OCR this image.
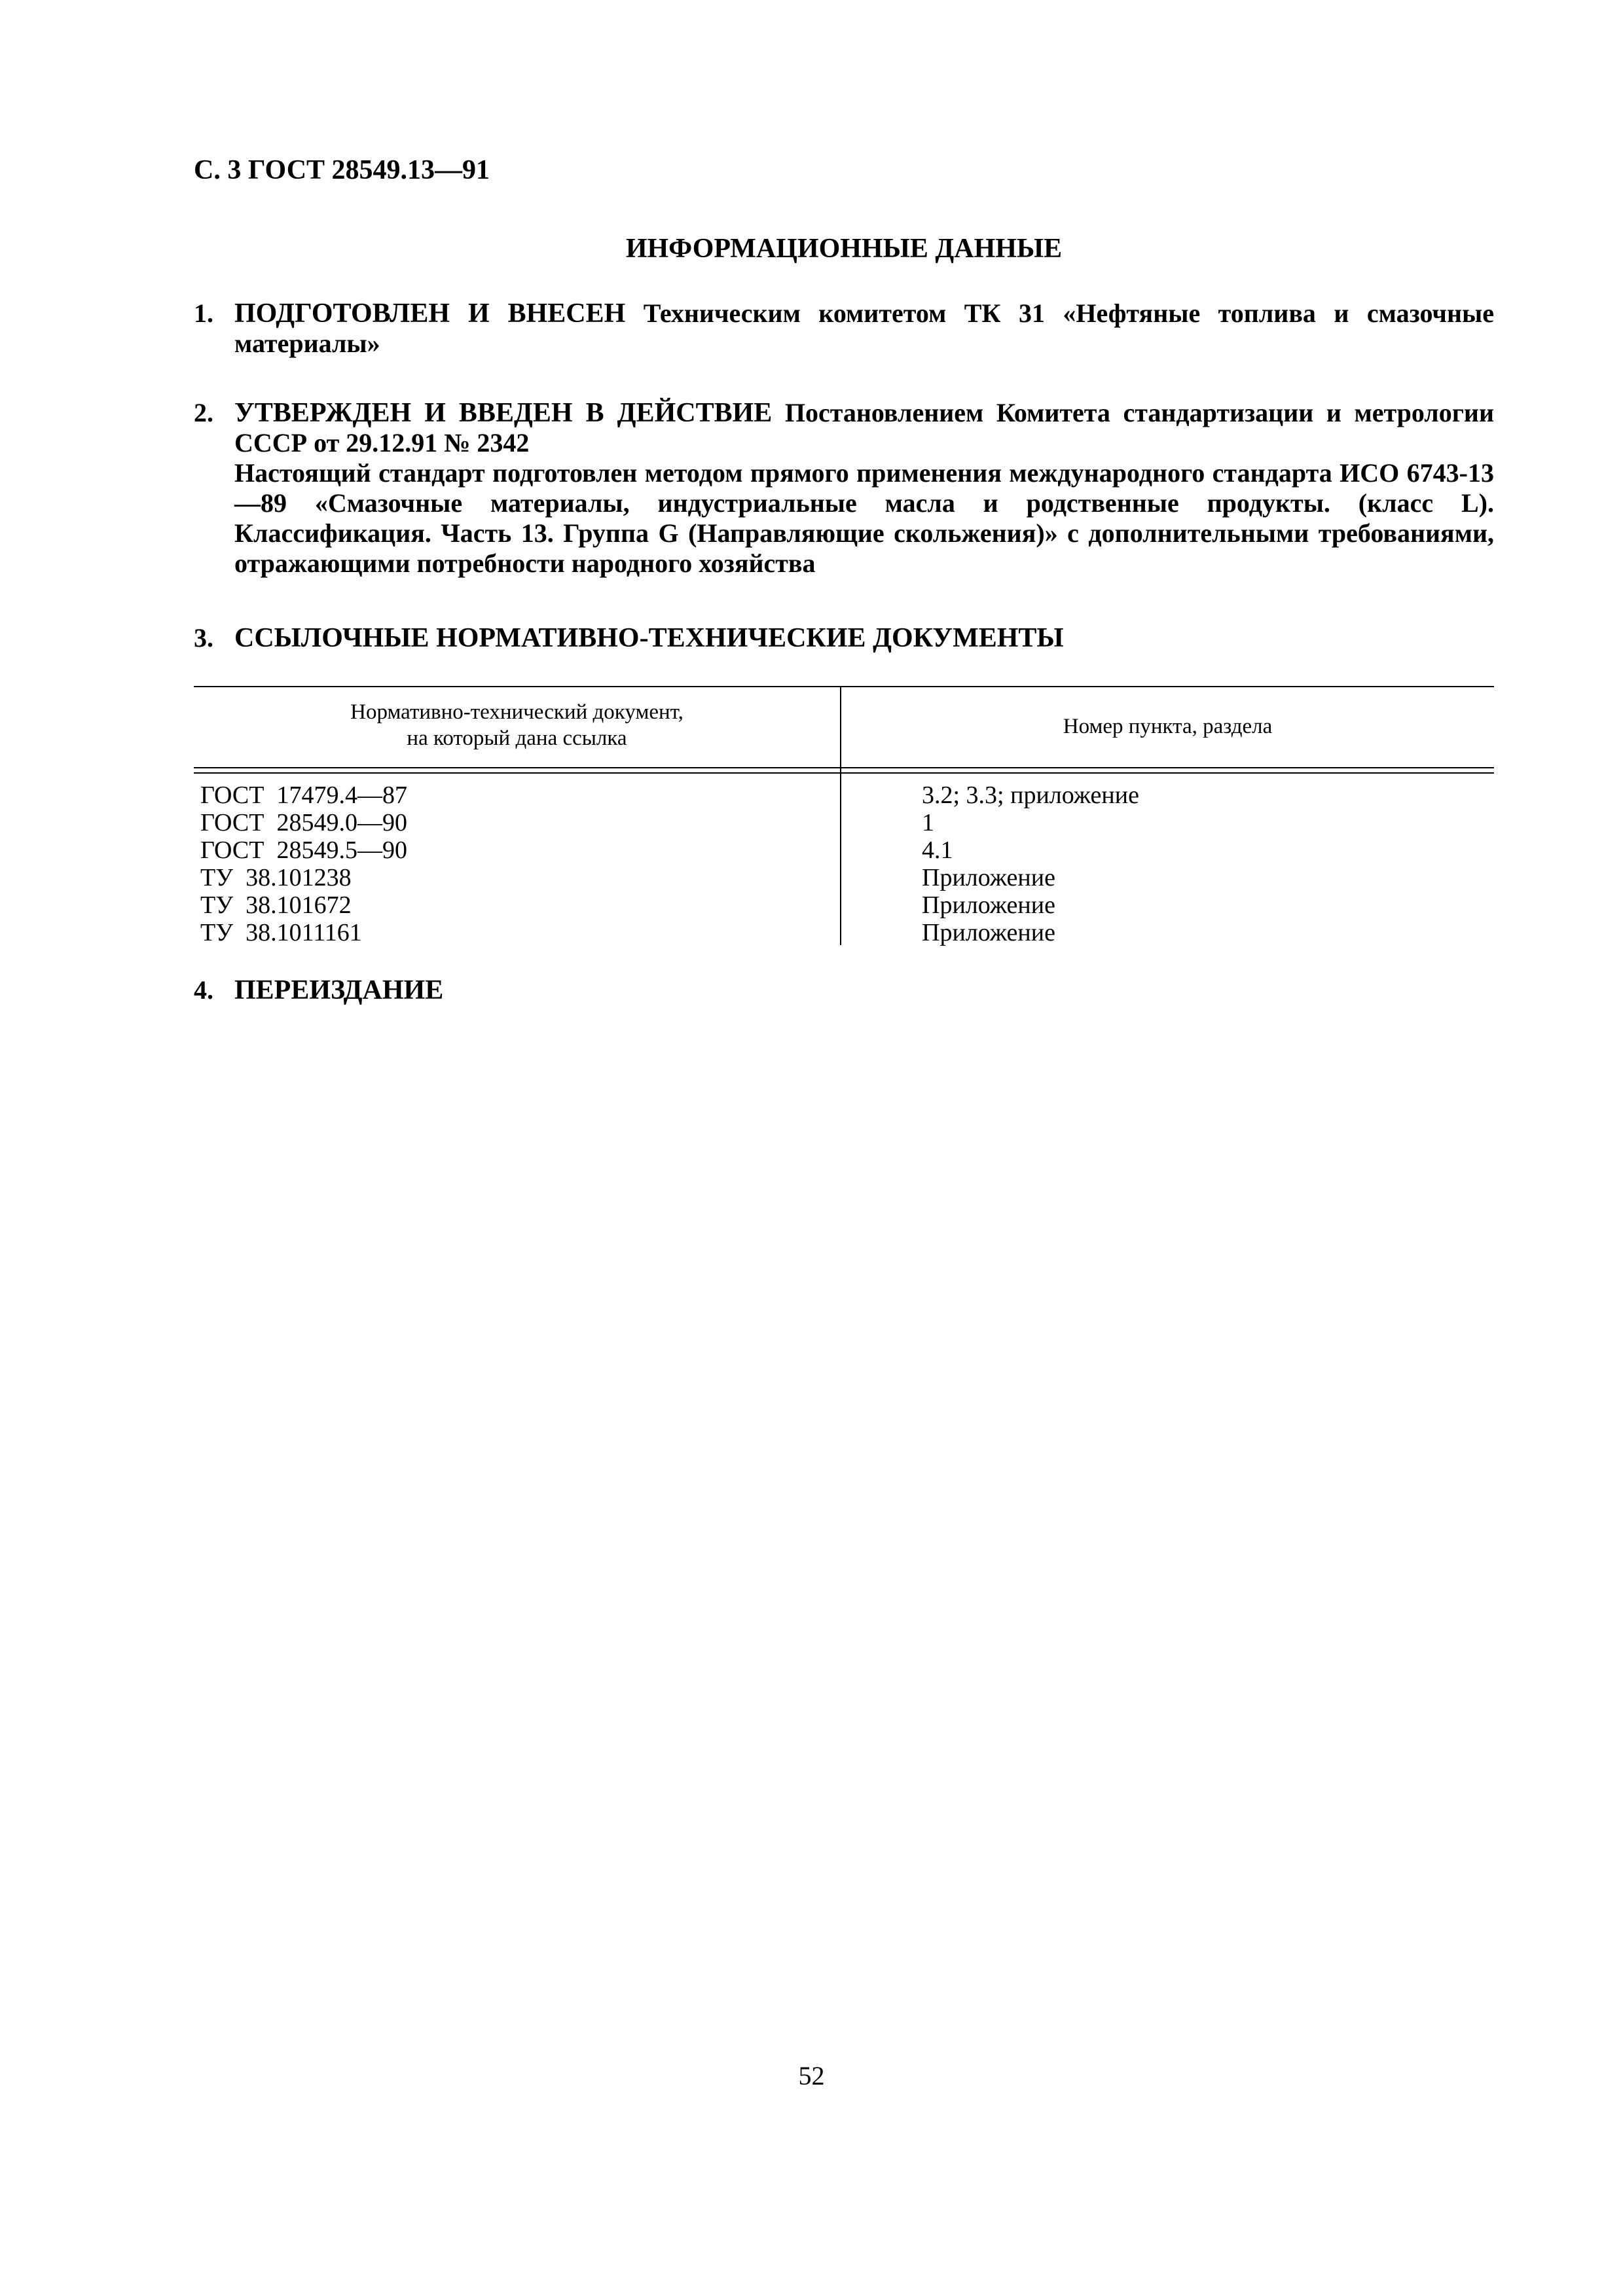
С. 3 ГОСТ 28549.13—91
ИНФОРМАЦИОННЫЕ ДАННЫЕ
1. ПОДГОТОВЛЕН И ВНЕСЕН Техническим комитетом ТК 31 «Нефтяные топлива и смазочные материалы»

2. УТВЕРЖДЕН И ВВЕДЕН В ДЕЙСТВИЕ Постановлением Комитета стандартизации и метрологии СССР от 29.12.91 № 2342

Настоящий стандарт подготовлен методом прямого применения международного стандарта ИСО 6743-13—89 «Смазочные материалы, индустриальные масла и родственные продукты. (класс L). Классификация. Часть 13. Группа G (Направляющие скольжения)» с дополнительными требованиями, отражающими потребности народного хозяйства

3. ССЫЛОЧНЫЕ НОРМАТИВНО-ТЕХНИЧЕСКИЕ ДОКУМЕНТЫ
Нормативно-технический документ,
на который дана ссылка	Номер пункта, раздела
ГОСТ  17479.4—87
ГОСТ  28549.0—90
ГОСТ  28549.5—90
ТУ  38.101238
ТУ  38.101672
ТУ  38.1011161
3.2; 3.3; приложение
1
4.1
Приложение
Приложение
Приложение
4. ПЕРЕИЗДАНИЕ
52
